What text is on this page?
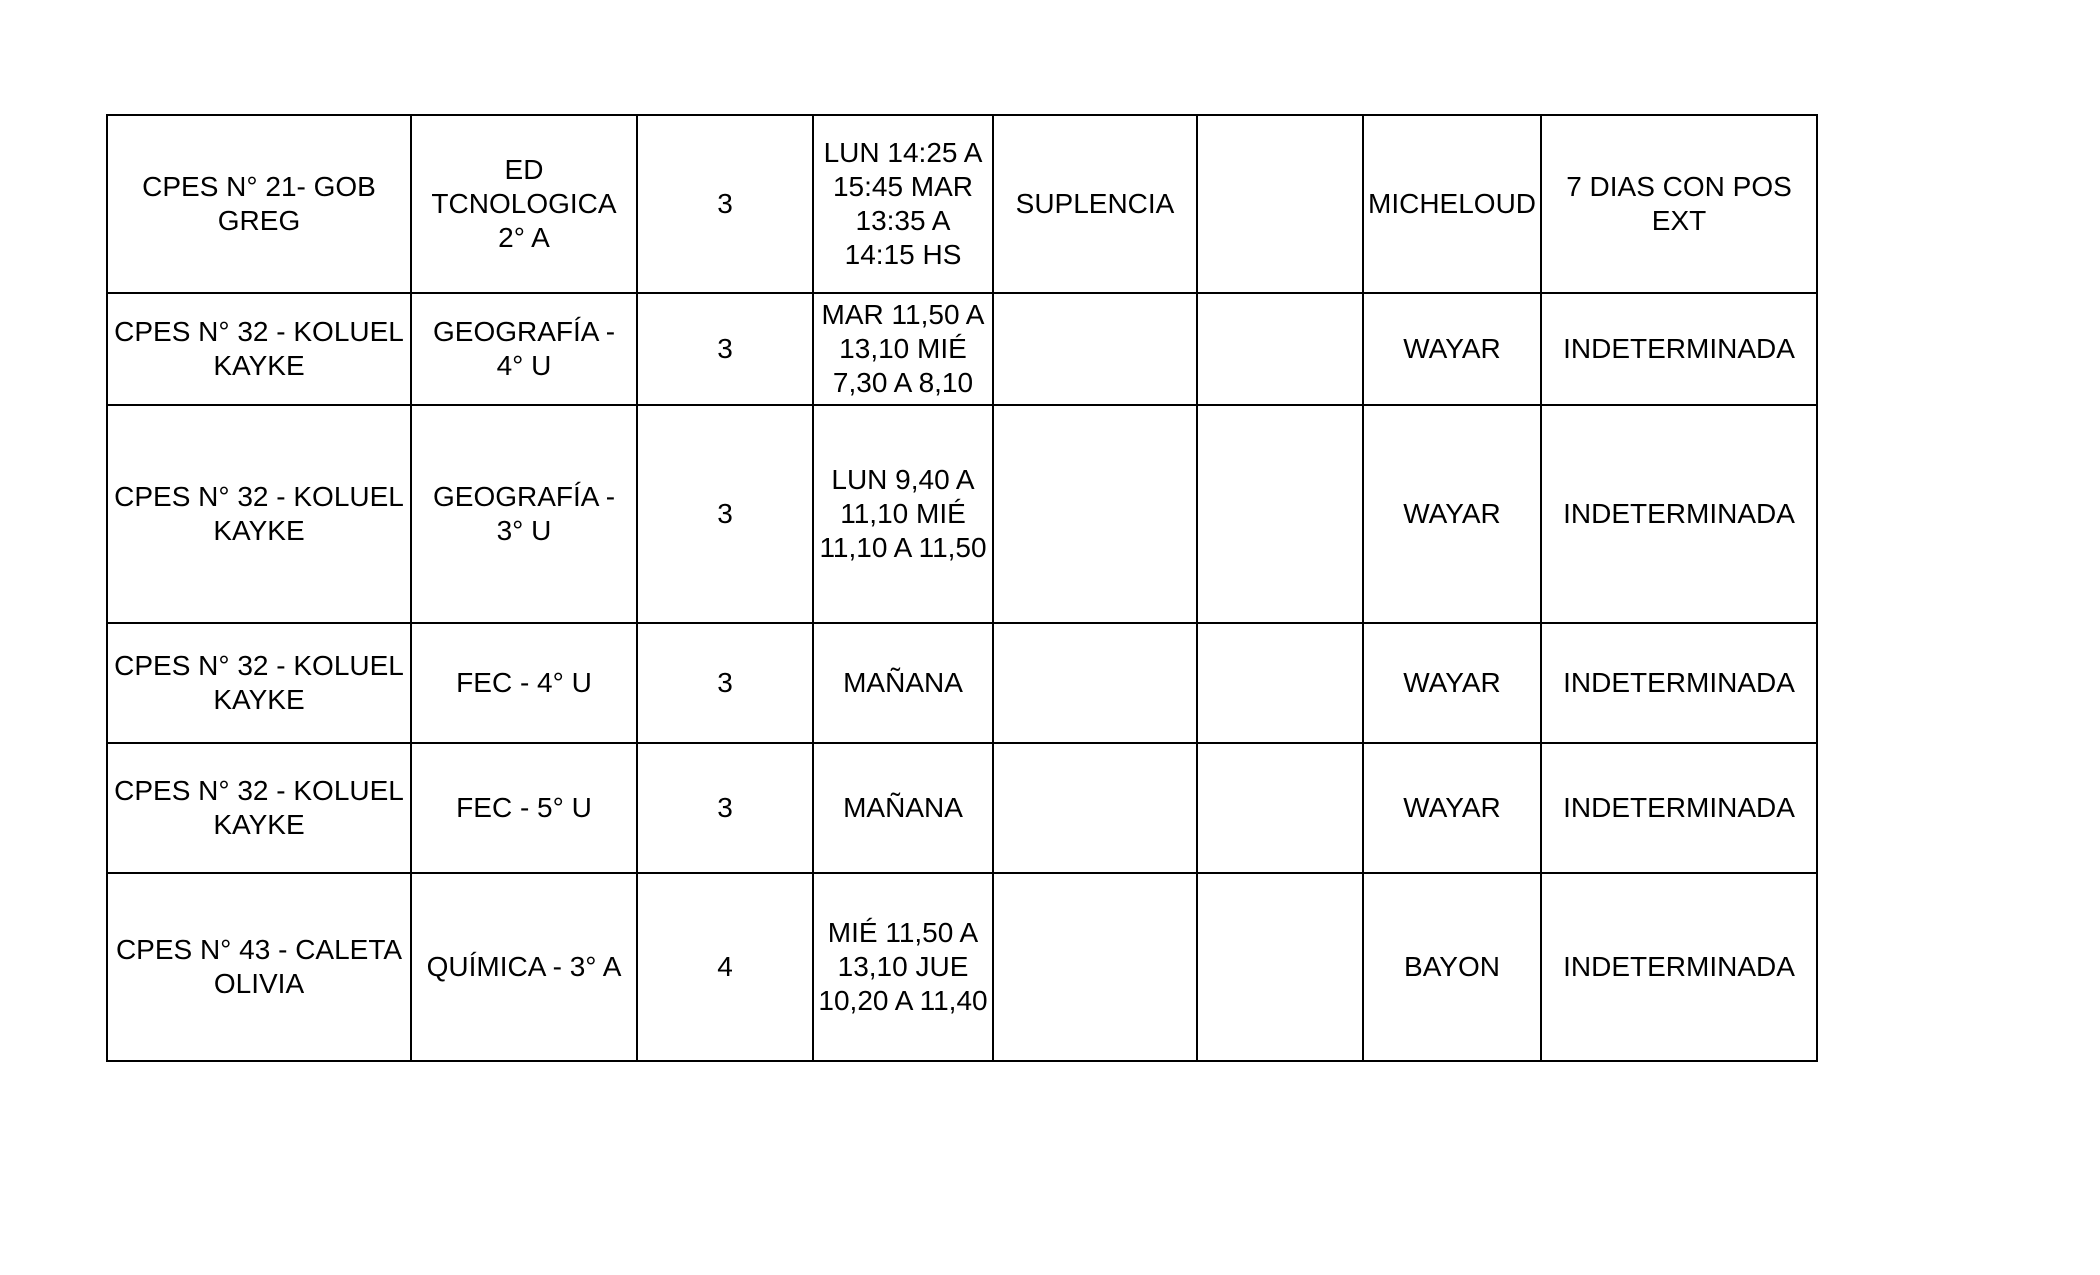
CPES N° 21- GOB GREG	ED TCNOLOGICA 2° A	3	LUN 14:25 A 15:45 MAR 13:35 A 14:15 HS	SUPLENCIA		MICHELOUD	7 DIAS CON POS EXT
CPES N° 32 - KOLUEL
KAYKE	GEOGRAFÍA - 4° U	3	MAR 11,50 A 13,10 MIÉ 7,30 A 8,10			WAYAR	INDETERMINADA
CPES N° 32 - KOLUEL
KAYKE	GEOGRAFÍA - 3° U	3	LUN 9,40 A
11,10 MIÉ
11,10 A 11,50			WAYAR	INDETERMINADA
CPES N° 32 - KOLUEL
KAYKE	FEC - 4° U	3	MAÑANA			WAYAR	INDETERMINADA
CPES N° 32 - KOLUEL
KAYKE	FEC - 5° U	3	MAÑANA			WAYAR	INDETERMINADA
CPES N° 43 - CALETA OLIVIA	QUÍMICA - 3° A	4	MIÉ 11,50 A
13,10 JUE
10,20 A 11,40			BAYON	INDETERMINADA
